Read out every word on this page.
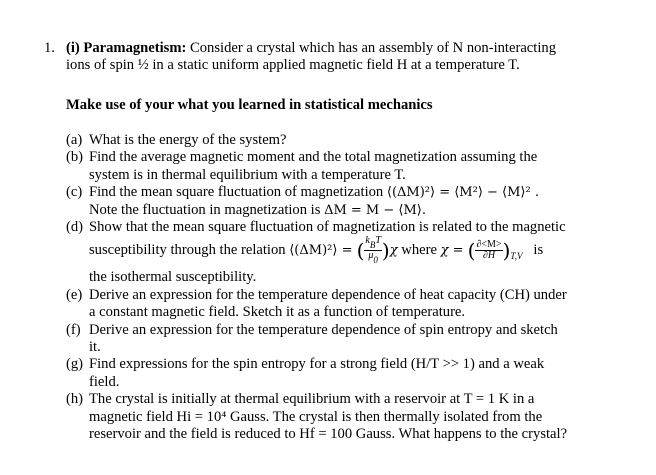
1. (i) Paramagnetism: Consider a crystal which has an assembly of N non-interacting
ions of spin ½ in a static uniform applied magnetic field H at a temperature T.
Make use of your what you learned in statistical mechanics
(a) What is the energy of the system?
(b) Find the average magnetic moment and the total magnetization assuming the
system is in thermal equilibrium with a temperature T.
(c) Find the mean square fluctuation of magnetization ⟨(ΔM)²⟩ = ⟨M²⟩ − ⟨M⟩² .
Note the fluctuation in magnetization is ΔM = M − ⟨M⟩.
(d) Show that the mean square fluctuation of magnetization is related to the magnetic
susceptibility through the relation ⟨(ΔM)²⟩ = ( $\frac{\text{kBT}}{\mu 0} )\chi$ where χ = ( $\frac{\partial<M>}{\partial H} )_{T,V}$ is
the isothermal susceptibility.
(e) Derive an expression for the temperature dependence of heat capacity (CH) under
a constant magnetic field. Sketch it as a function of temperature.
(f) Derive an expression for the temperature dependence of spin entropy and sketch
it.
(g) Find expressions for the spin entropy for a strong field (H/T >> 1) and a weak
field.
(h) The crystal is initially at thermal equilibrium with a reservoir at T = 1 K in a
magnetic field Hi = 10⁴ Gauss. The crystal is then thermally isolated from the
reservoir and the field is reduced to Hf = 100 Gauss. What happens to the crystal?
